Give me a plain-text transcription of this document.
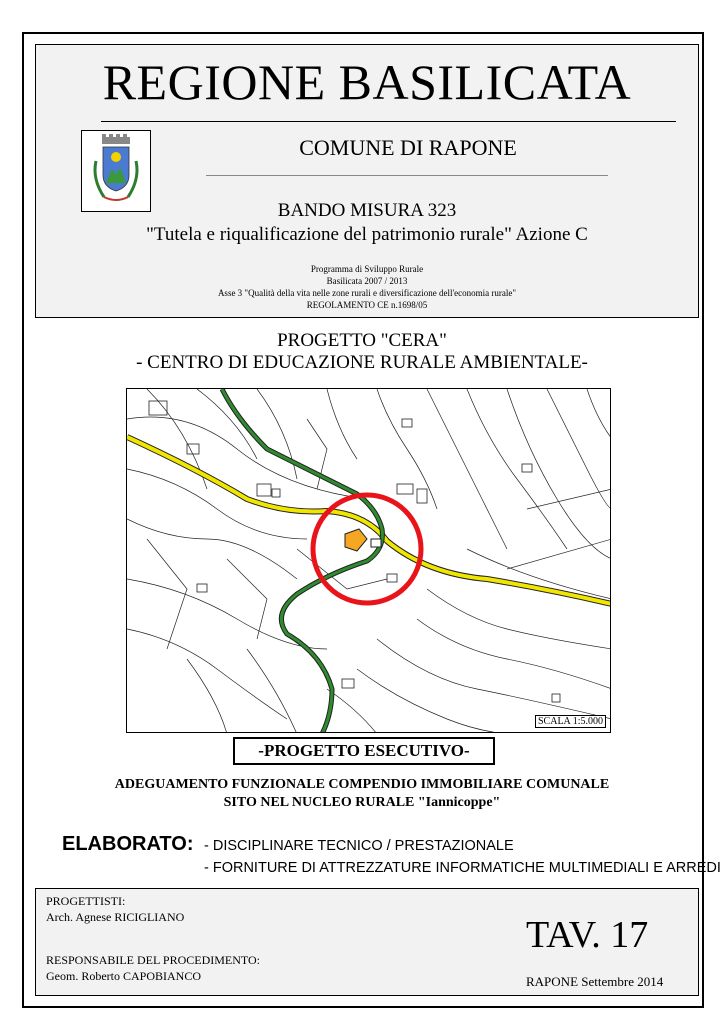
REGIONE BASILICATA
COMUNE DI RAPONE
BANDO MISURA 323
"Tutela e riqualificazione del patrimonio rurale" Azione C
Programma di Sviluppo Rurale
Basilicata 2007 / 2013
Asse 3 "Qualità della vita nelle zone rurali e diversificazione dell'economia rurale"
REGOLAMENTO CE n.1698/05
PROGETTO "CERA"
- CENTRO DI EDUCAZIONE RURALE AMBIENTALE-
SCALA 1:5.000
-PROGETTO ESECUTIVO-
ADEGUAMENTO FUNZIONALE COMPENDIO IMMOBILIARE COMUNALE
SITO NEL NUCLEO RURALE "Iannicoppe"
ELABORATO: - DISCIPLINARE TECNICO / PRESTAZIONALE
- FORNITURE DI ATTREZZATURE INFORMATICHE MULTIMEDIALI E ARREDI
PROGETTISTI:
Arch. Agnese RICIGLIANO
RESPONSABILE DEL PROCEDIMENTO:
Geom. Roberto CAPOBIANCO
TAV. 17
RAPONE Settembre 2014
